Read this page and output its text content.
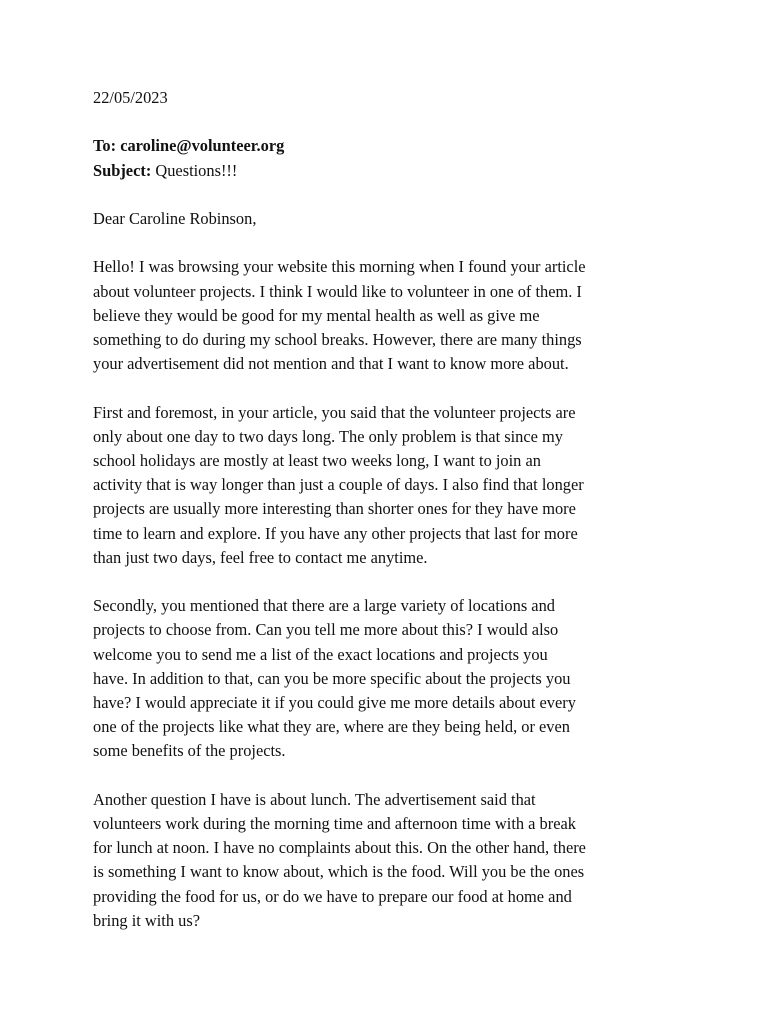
22/05/2023
To: caroline@volunteer.org
Subject: Questions!!!
Dear Caroline Robinson,
Hello! I was browsing your website this morning when I found your article
about volunteer projects. I think I would like to volunteer in one of them. I
believe they would be good for my mental health as well as give me
something to do during my school breaks. However, there are many things
your advertisement did not mention and that I want to know more about.
First and foremost, in your article, you said that the volunteer projects are
only about one day to two days long. The only problem is that since my
school holidays are mostly at least two weeks long, I want to join an
activity that is way longer than just a couple of days. I also find that longer
projects are usually more interesting than shorter ones for they have more
time to learn and explore. If you have any other projects that last for more
than just two days, feel free to contact me anytime.
Secondly, you mentioned that there are a large variety of locations and
projects to choose from. Can you tell me more about this? I would also
welcome you to send me a list of the exact locations and projects you
have. In addition to that, can you be more specific about the projects you
have? I would appreciate it if you could give me more details about every
one of the projects like what they are, where are they being held, or even
some benefits of the projects.
Another question I have is about lunch. The advertisement said that
volunteers work during the morning time and afternoon time with a break
for lunch at noon. I have no complaints about this. On the other hand, there
is something I want to know about, which is the food. Will you be the ones
providing the food for us, or do we have to prepare our food at home and
bring it with us?
